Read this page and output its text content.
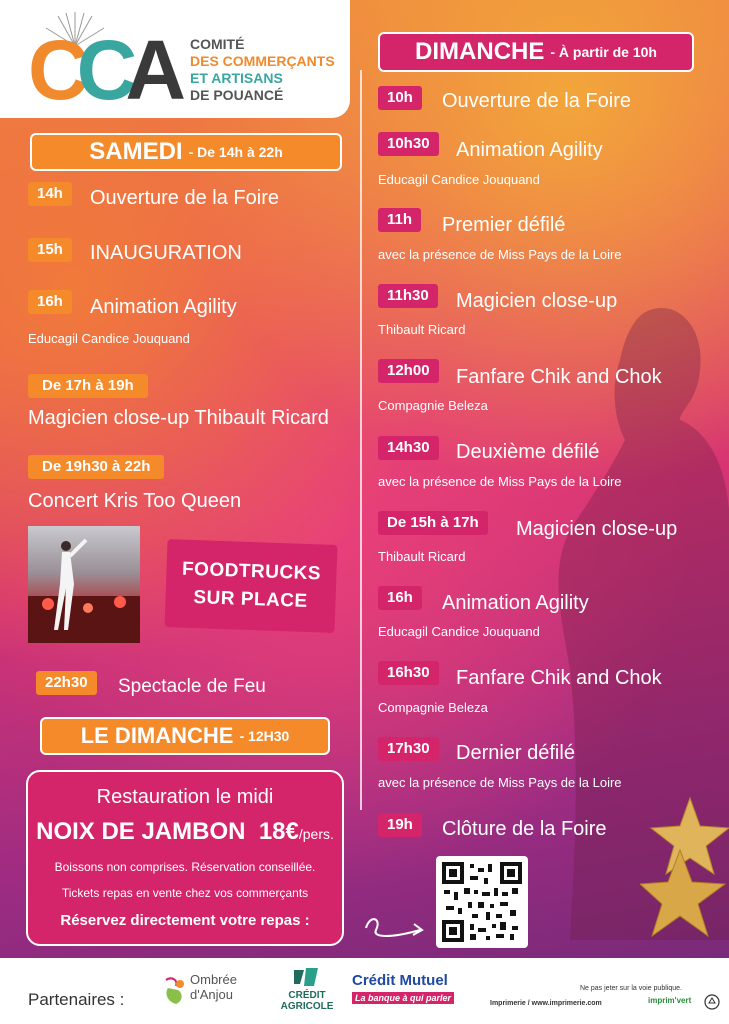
CCA COMITÉ
DES COMMERÇANTS
ET ARTISANS
DE POUANCÉ
SAMEDI - De 14h à 22h
14h	Ouverture de la Foire
15h	INAUGURATION
16h	Animation Agility
Educagil Candice Jouquand
De 17h à 19h
Magicien close-up Thibault Ricard
De 19h30 à 22h
Concert Kris Too Queen
FOODTRUCKS
SUR PLACE
22h30	Spectacle de Feu
LE DIMANCHE - 12H30
Restauration le midi
NOIX DE JAMBON 18€/pers.
Boissons non comprises. Réservation conseillée.
Tickets repas en vente chez vos commerçants
Réservez directement votre repas :
DIMANCHE - À partir de 10h
10h	Ouverture de la Foire
10h30	Animation Agility
Educagil Candice Jouquand
11h	Premier défilé
avec la présence de Miss Pays de la Loire
11h30	Magicien close-up
Thibault Ricard
12h00	Fanfare Chik and Chok
Compagnie Beleza
14h30	Deuxième défilé
avec la présence de Miss Pays de la Loire
De 15h à 17h	Magicien close-up
Thibault Ricard
16h	Animation Agility
Educagil Candice Jouquand
16h30	Fanfare Chik and Chok
Compagnie Beleza
17h30	Dernier défilé
avec la présence de Miss Pays de la Loire
19h	Clôture de la Foire
Partenaires :
Ombrée
d'Anjou	CRÉDIT
AGRICOLE
Crédit Mutuel
La banque à qui parler
Ne pas jeter sur la voie publique.
Imprimerie / www.imprimerie.com	imprim'vert
